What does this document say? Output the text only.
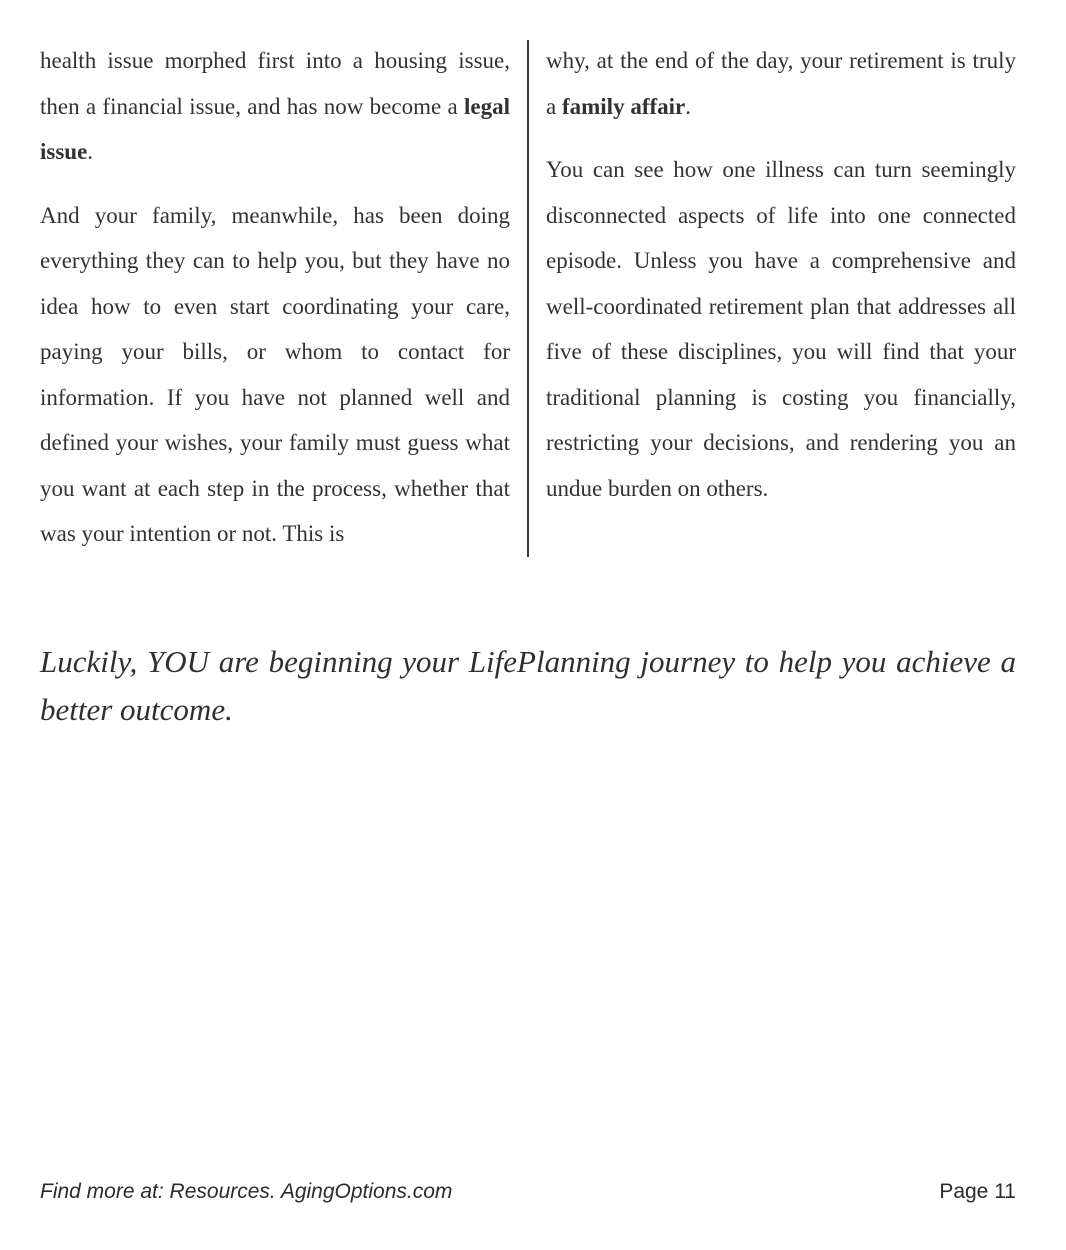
health issue morphed first into a housing issue, then a financial issue, and has now become a legal issue.

And your family, meanwhile, has been doing everything they can to help you, but they have no idea how to even start coordinating your care, paying your bills, or whom to contact for information. If you have not planned well and defined your wishes, your family must guess what you want at each step in the process, whether that was your intention or not. This is

why, at the end of the day, your retirement is truly a family affair.

You can see how one illness can turn seemingly disconnected aspects of life into one connected episode. Unless you have a comprehensive and well-coordinated retirement plan that addresses all five of these disciplines, you will find that your traditional planning is costing you financially, restricting your decisions, and rendering you an undue burden on others.

Luckily, YOU are beginning your LifePlanning journey to help you achieve a better outcome.
Find more at: Resources. AgingOptions.com	Page 11
